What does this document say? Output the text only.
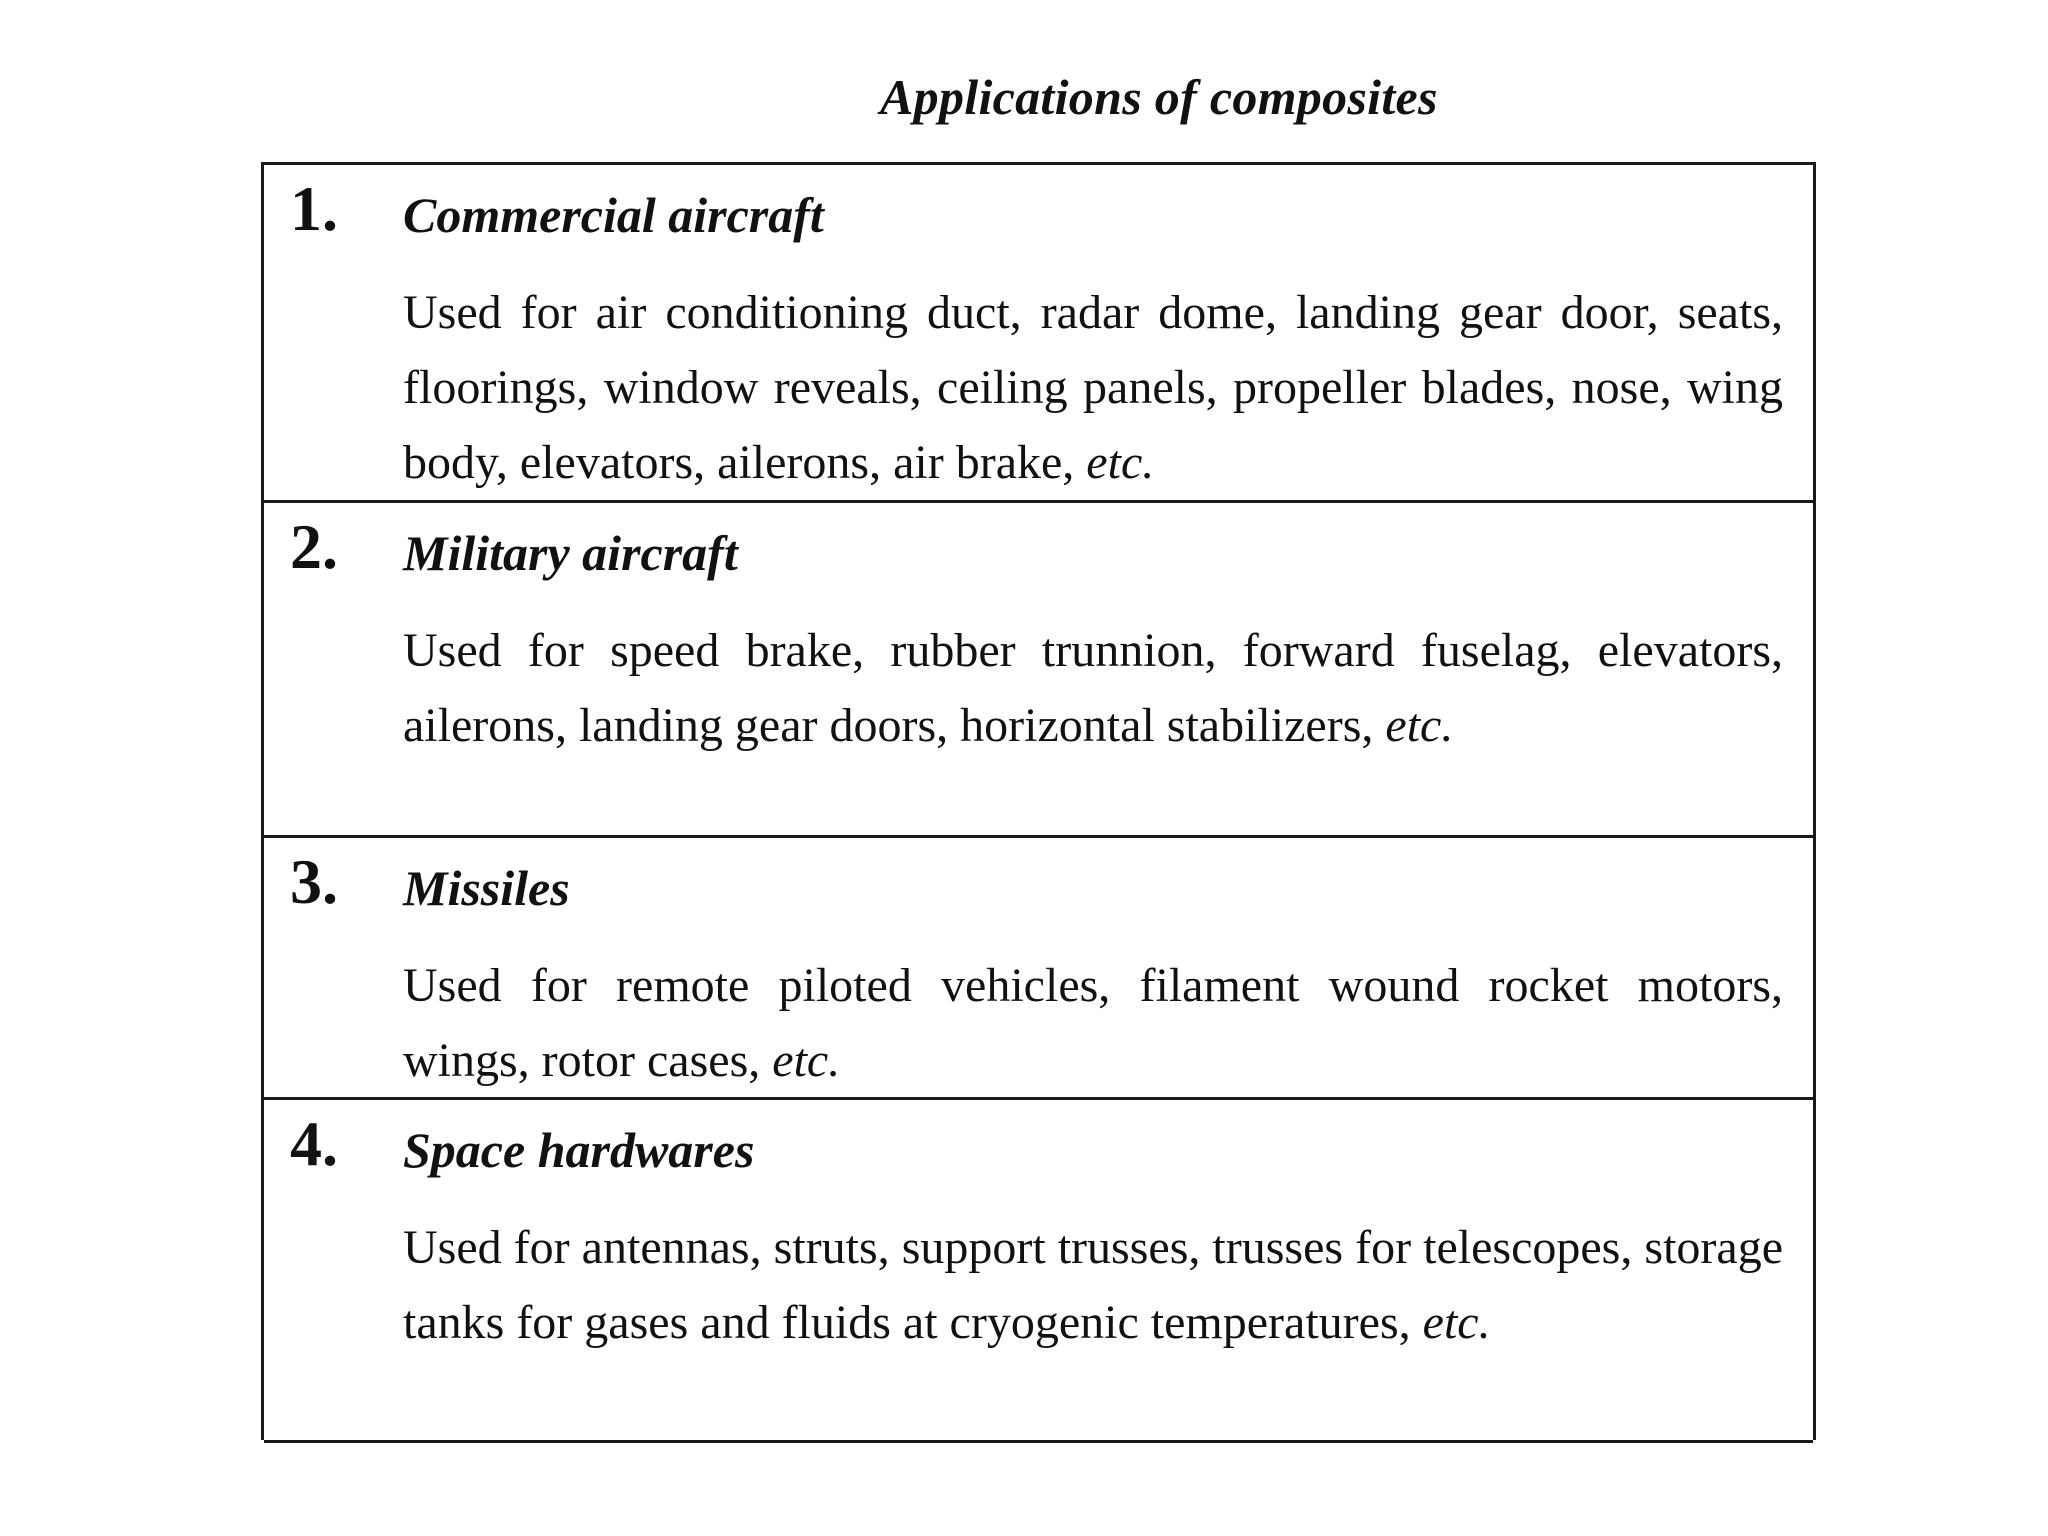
Applications of composites
1. Commercial aircraft
Used for air conditioning duct, radar dome, landing gear door, seats, floorings, window reveals, ceiling panels, propeller blades, nose, wing body, elevators, ailerons, air brake, etc.
2. Military aircraft
Used for speed brake, rubber trunnion, forward fuselag, elevators, ailerons, landing gear doors, horizontal stabilizers, etc.
3. Missiles
Used for remote piloted vehicles, filament wound rocket motors, wings, rotor cases, etc.
4. Space hardwares
Used for antennas, struts, support trusses, trusses for telescopes, storage tanks for gases and fluids at cryogenic temperatures, etc.
